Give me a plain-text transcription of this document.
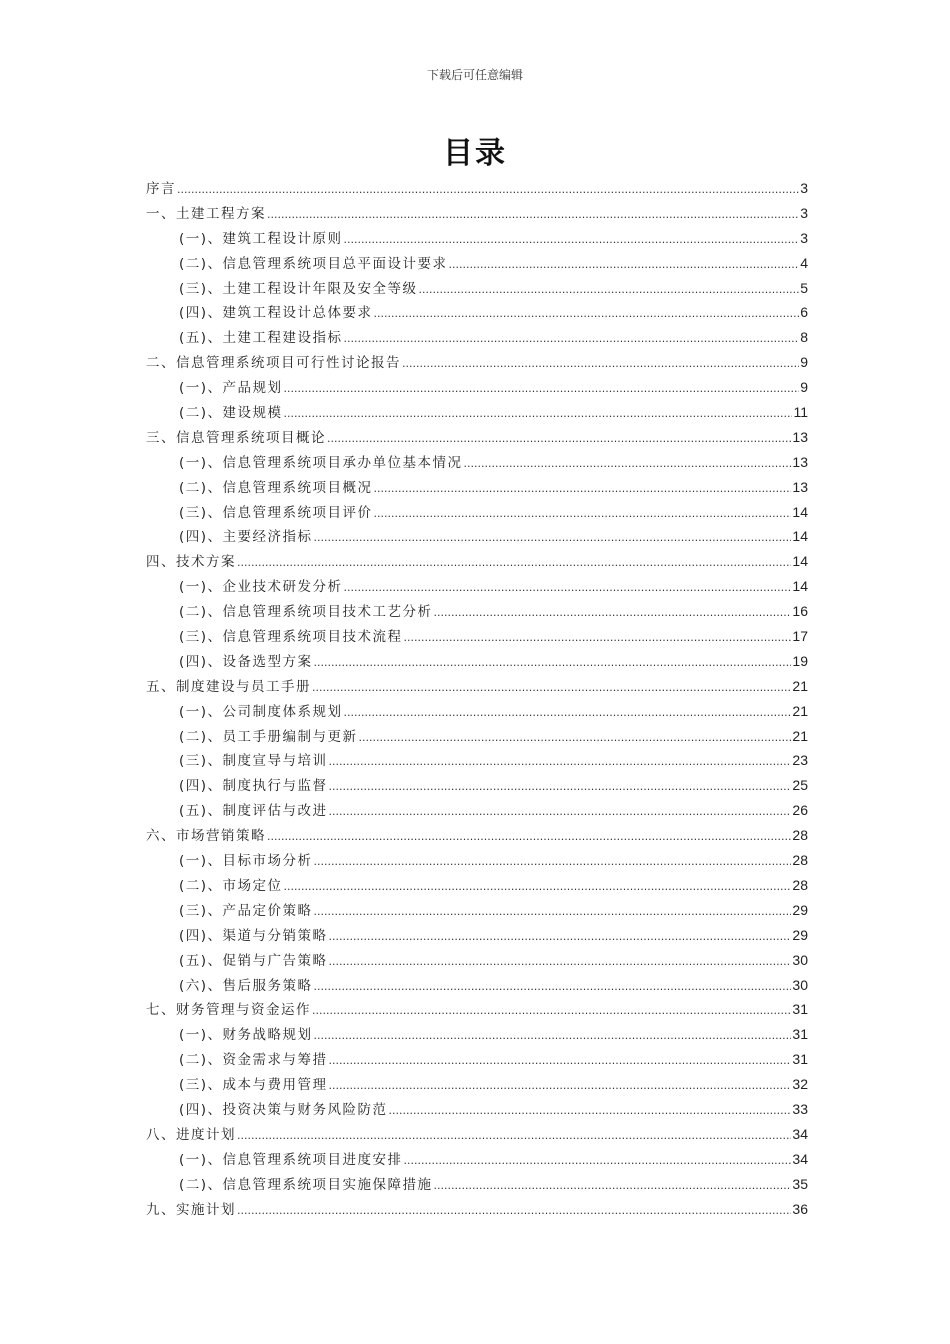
下载后可任意编辑
目录
序言 .....	3
一、土建工程方案 .....	3
(一)、建筑工程设计原则 .....	3
(二)、信息管理系统项目总平面设计要求 .....	4
(三)、土建工程设计年限及安全等级 .....	5
(四)、建筑工程设计总体要求 .....	6
(五)、土建工程建设指标 .....	8
二、信息管理系统项目可行性讨论报告 .....	9
(一)、产品规划 .....	9
(二)、建设规模 .....	11
三、信息管理系统项目概论 .....	13
(一)、信息管理系统项目承办单位基本情况 .....	13
(二)、信息管理系统项目概况 .....	13
(三)、信息管理系统项目评价 .....	14
(四)、主要经济指标 .....	14
四、技术方案 .....	14
(一)、企业技术研发分析 .....	14
(二)、信息管理系统项目技术工艺分析 .....	16
(三)、信息管理系统项目技术流程 .....	17
(四)、设备选型方案 .....	19
五、制度建设与员工手册 .....	21
(一)、公司制度体系规划 .....	21
(二)、员工手册编制与更新 .....	21
(三)、制度宣导与培训 .....	23
(四)、制度执行与监督 .....	25
(五)、制度评估与改进 .....	26
六、市场营销策略 .....	28
(一)、目标市场分析 .....	28
(二)、市场定位 .....	28
(三)、产品定价策略 .....	29
(四)、渠道与分销策略 .....	29
(五)、促销与广告策略 .....	30
(六)、售后服务策略 .....	30
七、财务管理与资金运作 .....	31
(一)、财务战略规划 .....	31
(二)、资金需求与筹措 .....	31
(三)、成本与费用管理 .....	32
(四)、投资决策与财务风险防范 .....	33
八、进度计划 .....	34
(一)、信息管理系统项目进度安排 .....	34
(二)、信息管理系统项目实施保障措施 .....	35
九、实施计划 .....	36
